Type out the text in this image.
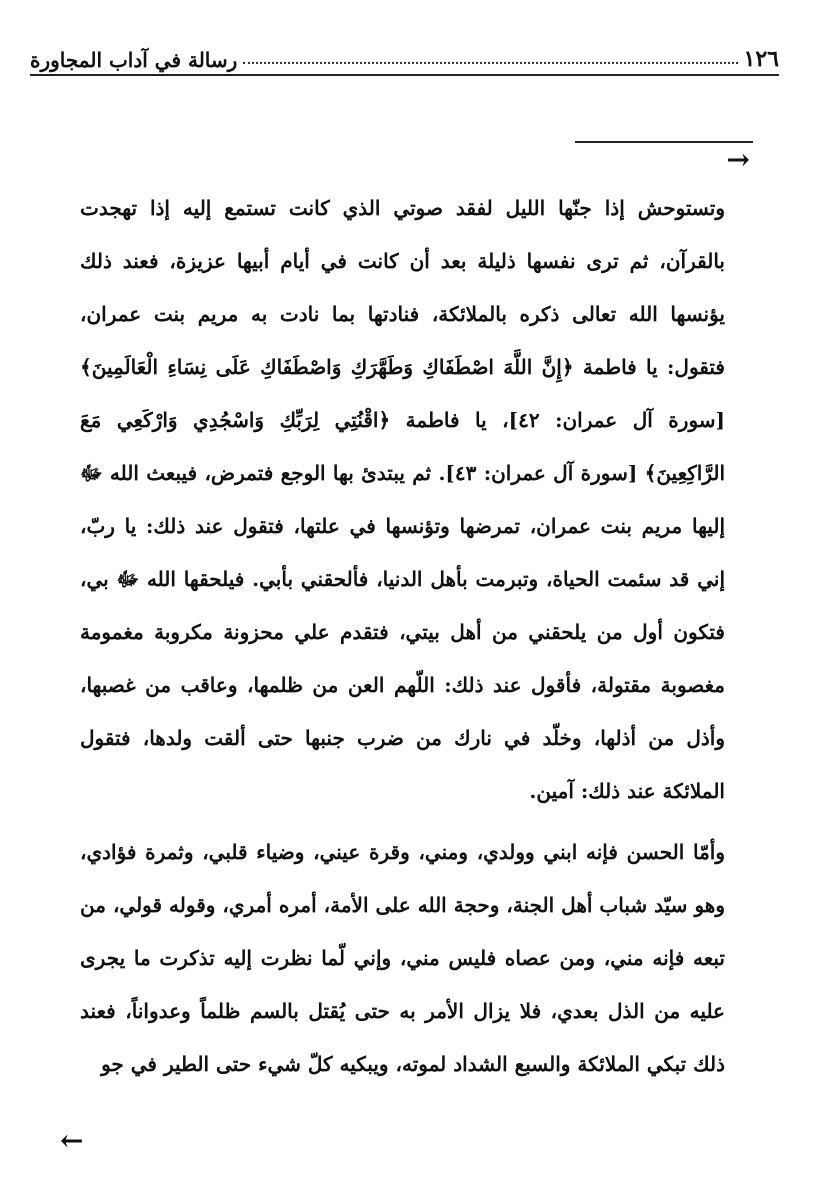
١٢٦
رسالة في آداب المجاورة
→

وتستوحش إذا جنّها الليل لفقد صوتي الذي كانت تستمع إليه إذا تهجدت بالقرآن، ثم ترى نفسها ذليلة بعد أن كانت في أيام أبيها عزيزة، فعند ذلك يؤنسها الله تعالى ذكره بالملائكة، فنادتها بما نادت به مريم بنت عمران، فتقول: يا فاطمة ﴿إِنَّ اللَّهَ اصْطَفَاكِ وَطَهَّرَكِ وَاصْطَفَاكِ عَلَى نِسَاءِ الْعَالَمِينَ﴾ [سورة آل عمران: ٤٢]، يا فاطمة ﴿اقْنُتِي لِرَبِّكِ وَاسْجُدِي وَارْكَعِي مَعَ الرَّاكِعِينَ﴾ [سورة آل عمران: ٤٣]. ثم يبتدئ بها الوجع فتمرض، فيبعث الله ﷻ إليها مريم بنت عمران، تمرضها وتؤنسها في علتها، فتقول عند ذلك: يا ربّ، إني قد سئمت الحياة، وتبرمت بأهل الدنيا، فألحقني بأبي. فيلحقها الله ﷻ بي، فتكون أول من يلحقني من أهل بيتي، فتقدم علي محزونة مكروبة مغمومة مغصوبة مقتولة، فأقول عند ذلك: اللّهم العن من ظلمها، وعاقب من غصبها، وأذل من أذلها، وخلّد في نارك من ضرب جنبها حتى ألقت ولدها، فتقول الملائكة عند ذلك: آمين.

وأمّا الحسن فإنه ابني وولدي، ومني، وقرة عيني، وضياء قلبي، وثمرة فؤادي، وهو سيّد شباب أهل الجنة، وحجة الله على الأمة، أمره أمري، وقوله قولي، من تبعه فإنه مني، ومن عصاه فليس مني، وإني لّما نظرت إليه تذكرت ما يجرى عليه من الذل بعدي، فلا يزال الأمر به حتى يُقتل بالسم ظلماً وعدواناً، فعند ذلك تبكي الملائكة والسبع الشداد لموته، ويبكيه كلّ شيء حتى الطير في جو

←
